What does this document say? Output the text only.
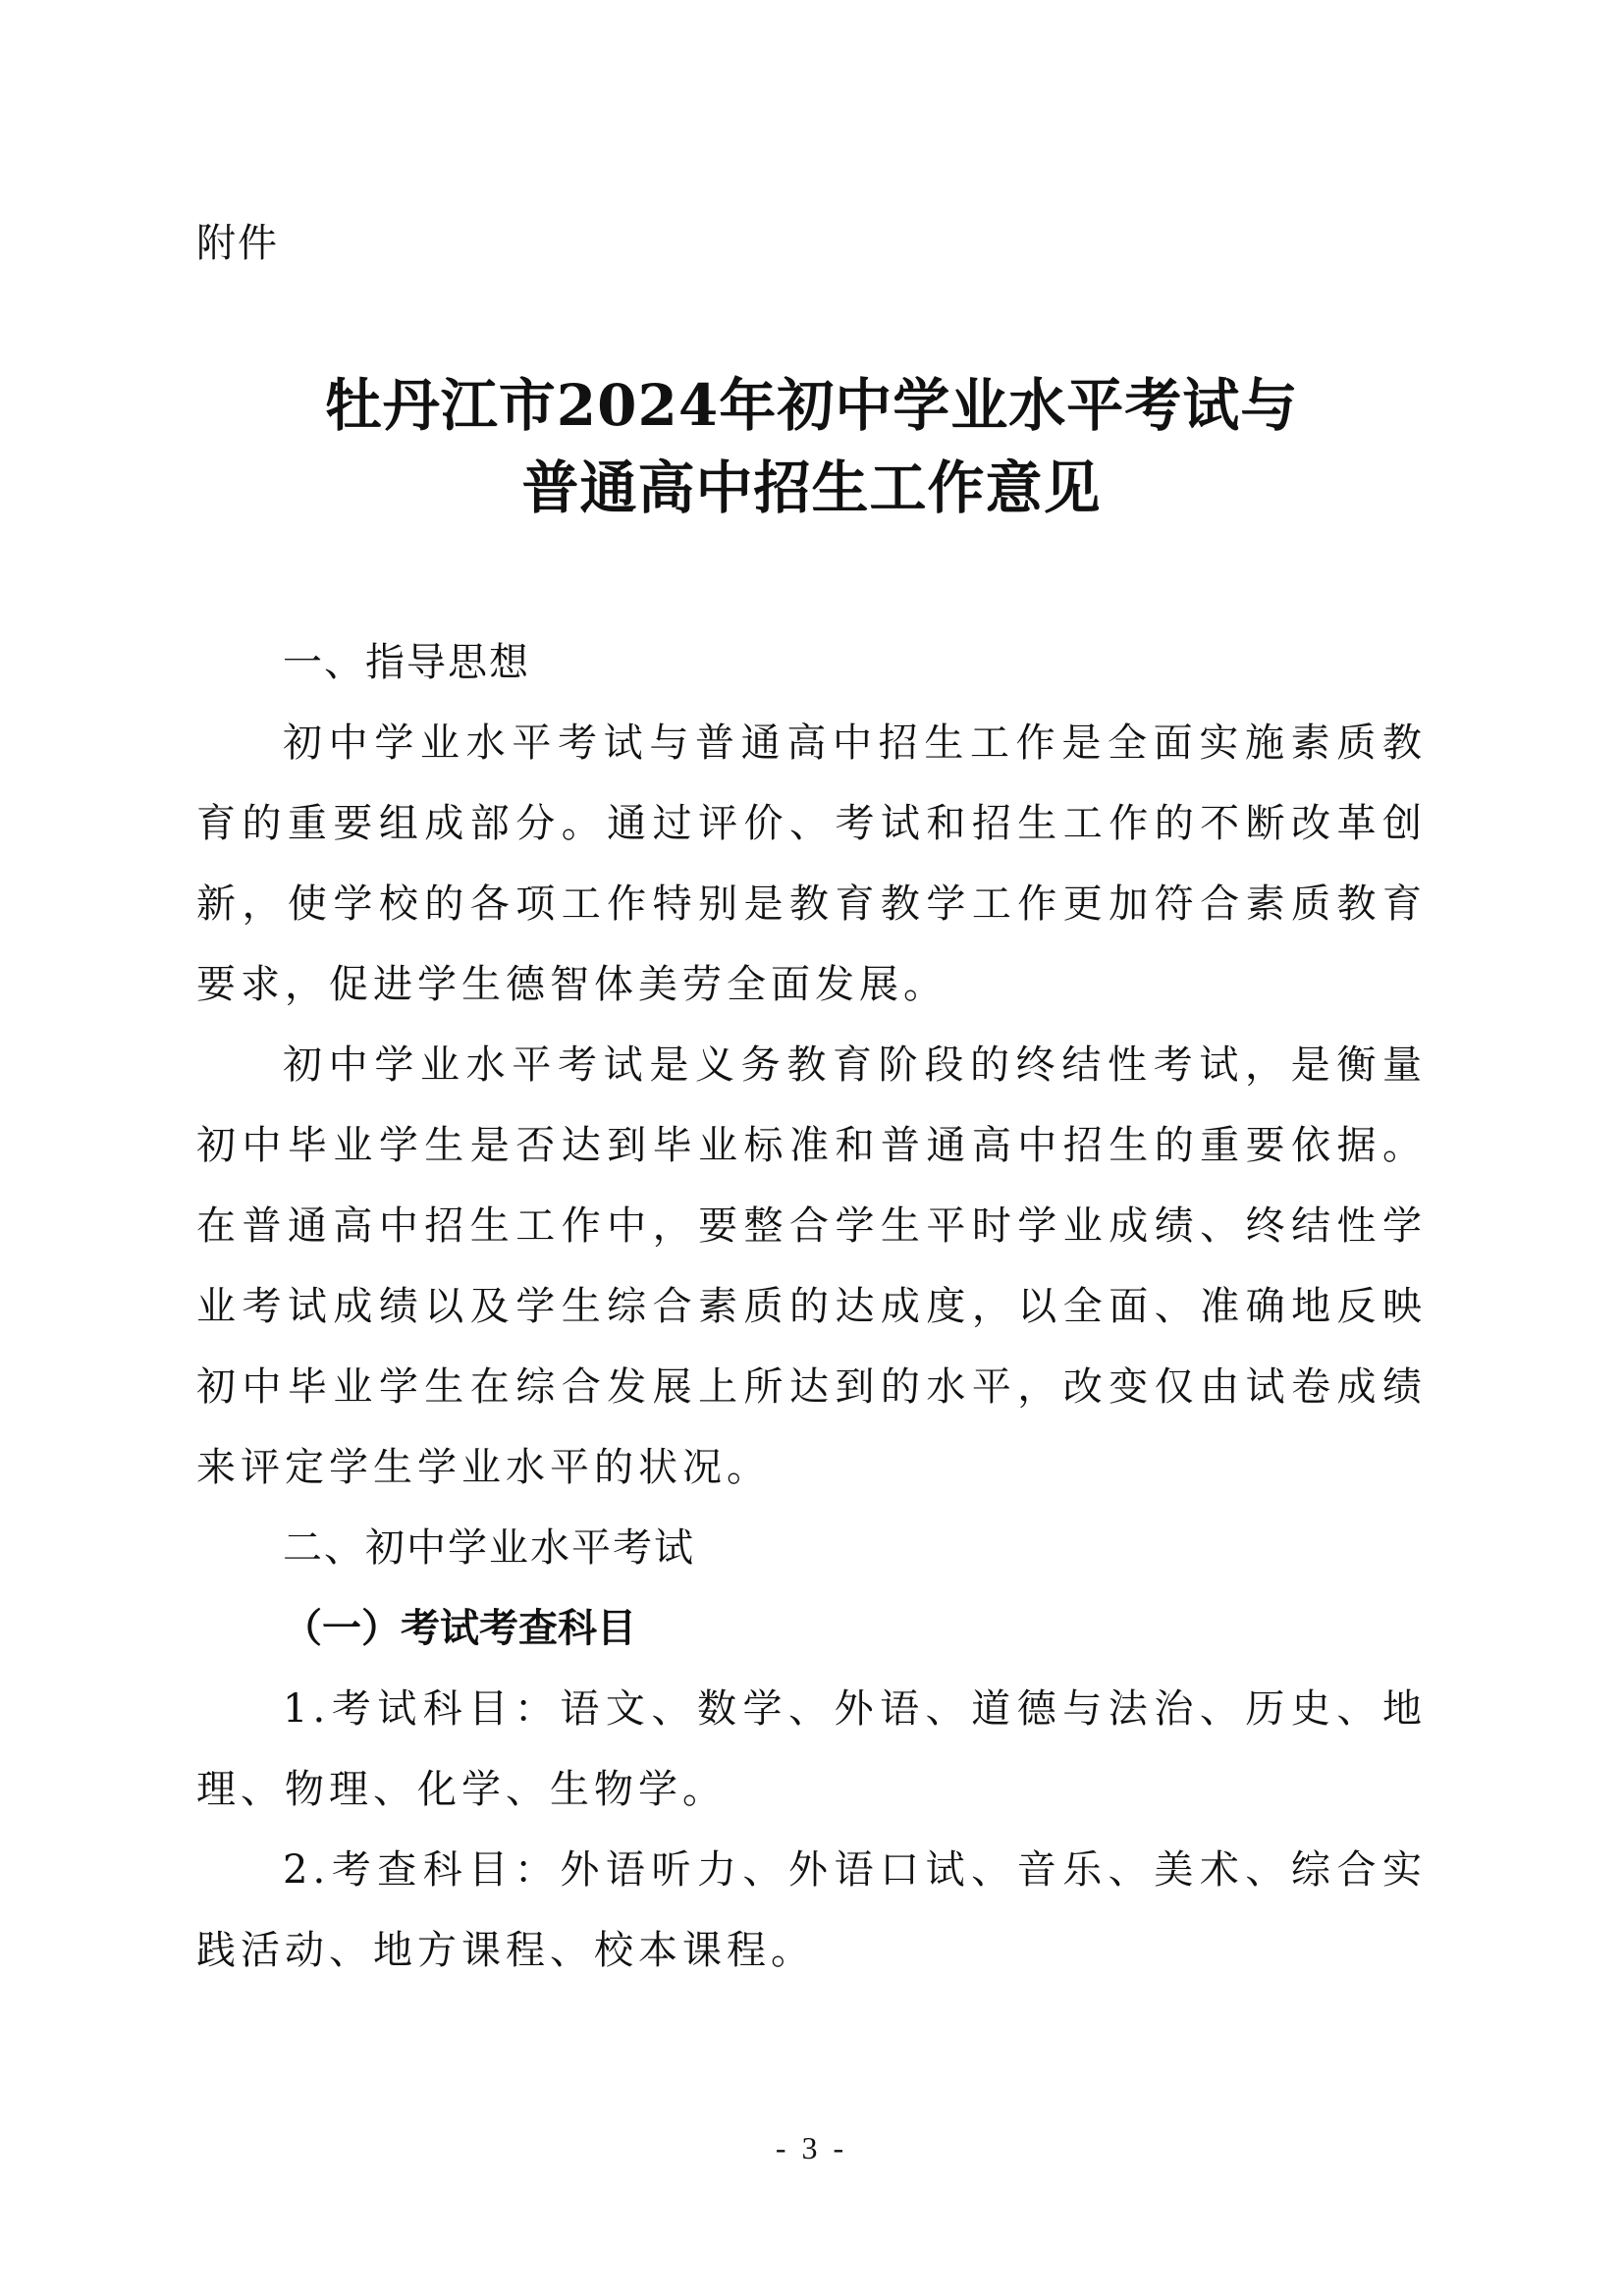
附件
牡丹江市2024年初中学业水平考试与
普通高中招生工作意见
一、指导思想

初中学业水平考试与普通高中招生工作是全面实施素质教育的重要组成部分。通过评价、考试和招生工作的不断改革创新，使学校的各项工作特别是教育教学工作更加符合素质教育要求，促进学生德智体美劳全面发展。

初中学业水平考试是义务教育阶段的终结性考试，是衡量初中毕业学生是否达到毕业标准和普通高中招生的重要依据。在普通高中招生工作中，要整合学生平时学业成绩、终结性学业考试成绩以及学生综合素质的达成度，以全面、准确地反映初中毕业学生在综合发展上所达到的水平，改变仅由试卷成绩来评定学生学业水平的状况。

二、初中学业水平考试
（一）考试考查科目

1.考试科目：语文、数学、外语、道德与法治、历史、地理、物理、化学、生物学。

2.考查科目：外语听力、外语口试、音乐、美术、综合实践活动、地方课程、校本课程。

- 3 -
